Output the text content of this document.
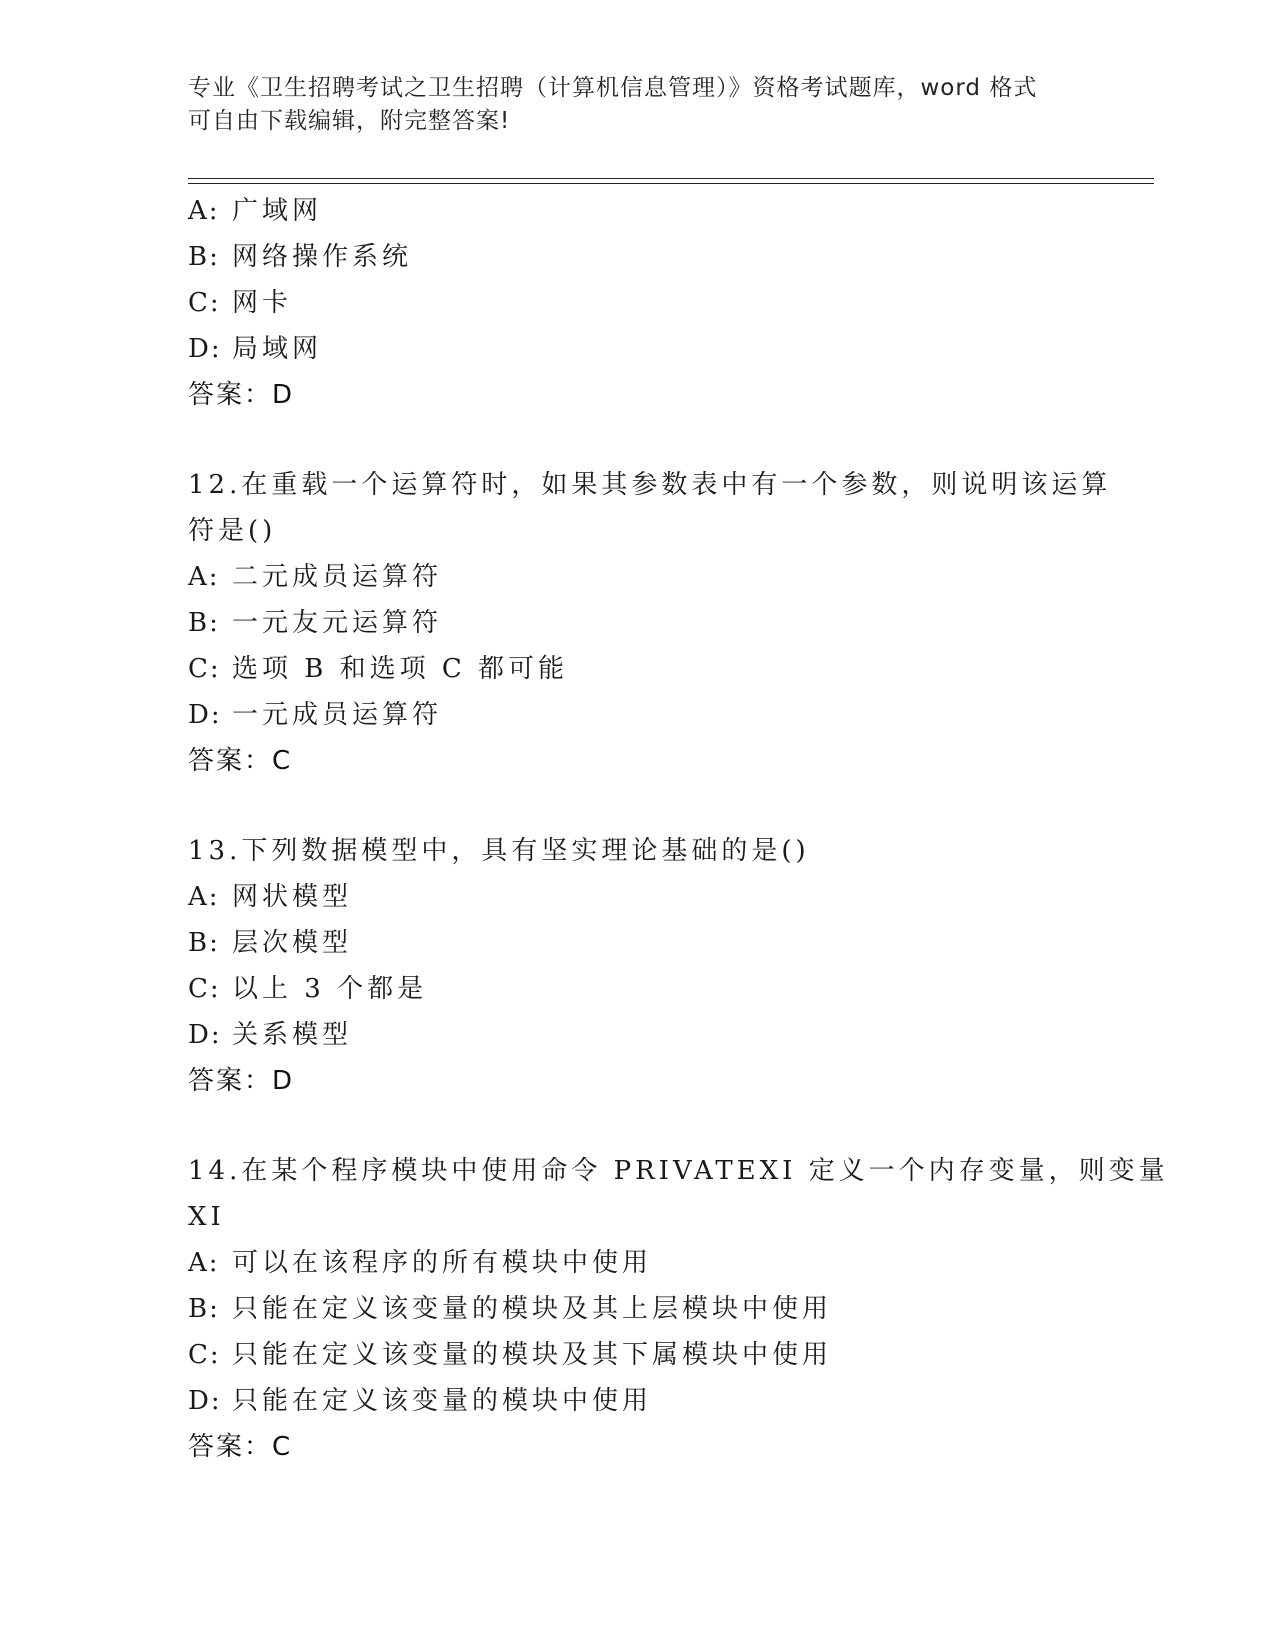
专业《卫生招聘考试之卫生招聘（计算机信息管理）》资格考试题库，word 格式
可自由下载编辑，附完整答案!
A: 广域网
B: 网络操作系统
C: 网卡
D: 局域网
答案：D
12.在重载一个运算符时，如果其参数表中有一个参数，则说明该运算
符是()
A: 二元成员运算符
B: 一元友元运算符
C: 选项 B 和选项 C 都可能
D: 一元成员运算符
答案：C
13.下列数据模型中，具有坚实理论基础的是()
A: 网状模型
B: 层次模型
C: 以上 3 个都是
D: 关系模型
答案：D
14.在某个程序模块中使用命令 PRIVATEXI 定义一个内存变量，则变量
XI
A: 可以在该程序的所有模块中使用
B: 只能在定义该变量的模块及其上层模块中使用
C: 只能在定义该变量的模块及其下属模块中使用
D: 只能在定义该变量的模块中使用
答案：C
